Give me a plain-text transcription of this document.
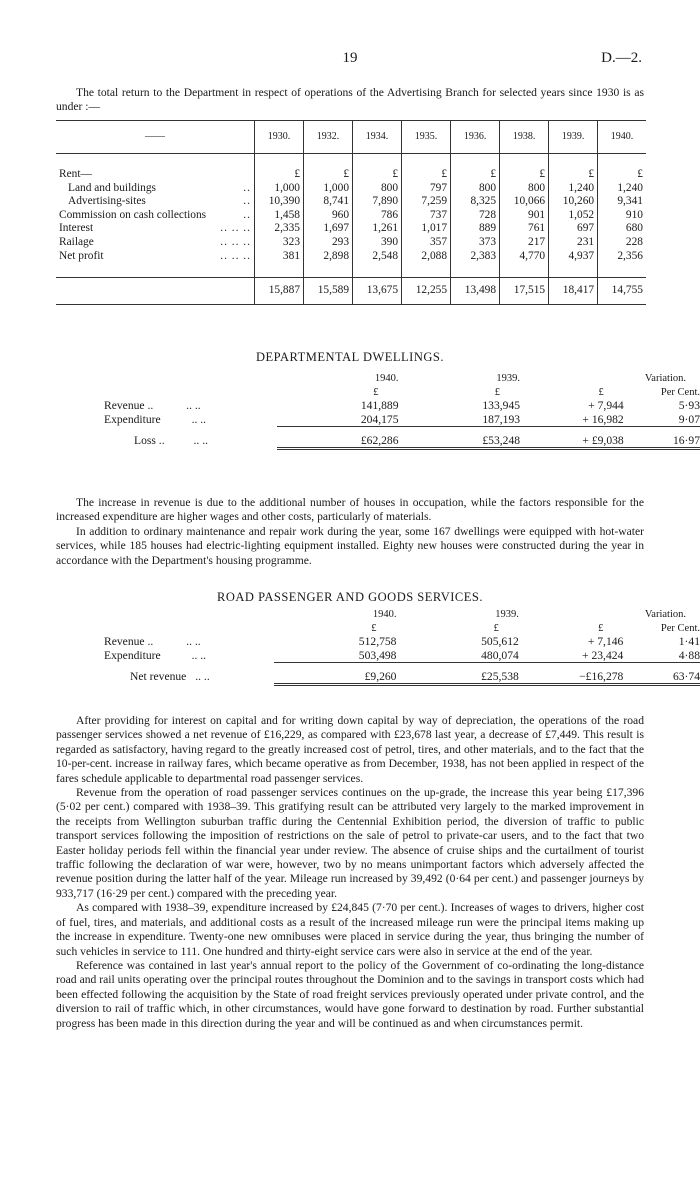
19	D.—2.

The total return to the Department in respect of operations of the Advertising Branch for selected years since 1930 is as under :—

——	1930.	1932.	1934.	1935.	1936.	1938.	1939.	1940.

Rent—	£	£	£	£	£	£	£	£
Land and buildings ..	1,000	1,000	800	797	800	800	1,240	1,240
Advertising-sites ..	10,390	8,741	7,890	7,259	8,325	10,066	10,260	9,341
Commission on cash collections ..	1,458	960	786	737	728	901	1,052	910
Interest .. .. ..	2,335	1,697	1,261	1,017	889	761	697	680
Railage .. .. ..	323	293	390	357	373	217	231	228
Net profit .. .. ..	381	2,898	2,548	2,088	2,383	4,770	4,937	2,356

	15,887	15,589	13,675	12,255	13,498	17,515	18,417	14,755
DEPARTMENTAL DWELLINGS.
	1940.	1939.	Variation.	
	£	£	£	Per Cent.
Revenue .. .. ..	141,889	133,945	+ 7,944	5·93
Expenditure .. ..	204,175	187,193	+ 16,982	9·07

Loss .. .. ..	£62,286	£53,248	+ £9,038	16·97

The increase in revenue is due to the additional number of houses in occupation, while the factors responsible for the increased expenditure are higher wages and other costs, particularly of materials.

In addition to ordinary maintenance and repair work during the year, some 167 dwellings were equipped with hot-water services, while 185 houses had electric-lighting equipment installed. Eighty new houses were constructed during the year in accordance with the Department's housing programme.

ROAD PASSENGER AND GOODS SERVICES.
	1940.	1939.	Variation.	
	£	£	£	Per Cent.
Revenue .. .. ..	512,758	505,612	+ 7,146	1·41
Expenditure .. ..	503,498	480,074	+ 23,424	4·88

Net revenue .. ..	£9,260	£25,538	−£16,278	63·74

After providing for interest on capital and for writing down capital by way of depreciation, the operations of the road passenger services showed a net revenue of £16,229, as compared with £23,678 last year, a decrease of £7,449. This result is regarded as satisfactory, having regard to the greatly increased cost of petrol, tires, and other materials, and to the fact that the 10-per-cent. increase in railway fares, which became operative as from December, 1938, has not been applied in respect of the fares schedule applicable to departmental road passenger services.

Revenue from the operation of road passenger services continues on the up-grade, the increase this year being £17,396 (5·02 per cent.) compared with 1938–39. This gratifying result can be attributed very largely to the marked improvement in the receipts from Wellington suburban traffic during the Centennial Exhibition period, the diversion of traffic to public transport services following the imposition of restrictions on the sale of petrol to private-car users, and to the fact that two Easter holiday periods fell within the financial year under review. The absence of cruise ships and the curtailment of tourist traffic following the declaration of war were, however, two by no means unimportant factors which adversely affected the revenue position during the latter half of the year. Mileage run increased by 39,492 (0·64 per cent.) and passenger journeys by 933,717 (16·29 per cent.) compared with the preceding year.

As compared with 1938–39, expenditure increased by £24,845 (7·70 per cent.). Increases of wages to drivers, higher cost of fuel, tires, and materials, and additional costs as a result of the increased mileage run were the principal items making up the increase in expenditure. Twenty-one new omnibuses were placed in service during the year, thus bringing the number of such vehicles in service to 111. One hundred and thirty-eight service cars were also in service at the end of the year.

Reference was contained in last year's annual report to the policy of the Government of co-ordinating the long-distance road and rail units operating over the principal routes throughout the Dominion and to the savings in transport costs which had been effected following the acquisition by the State of road freight services previously operated under private control, and the diversion to rail of traffic which, in other circumstances, would have gone forward to destination by road. Further substantial progress has been made in this direction during the year and will be continued as and when circumstances permit.
